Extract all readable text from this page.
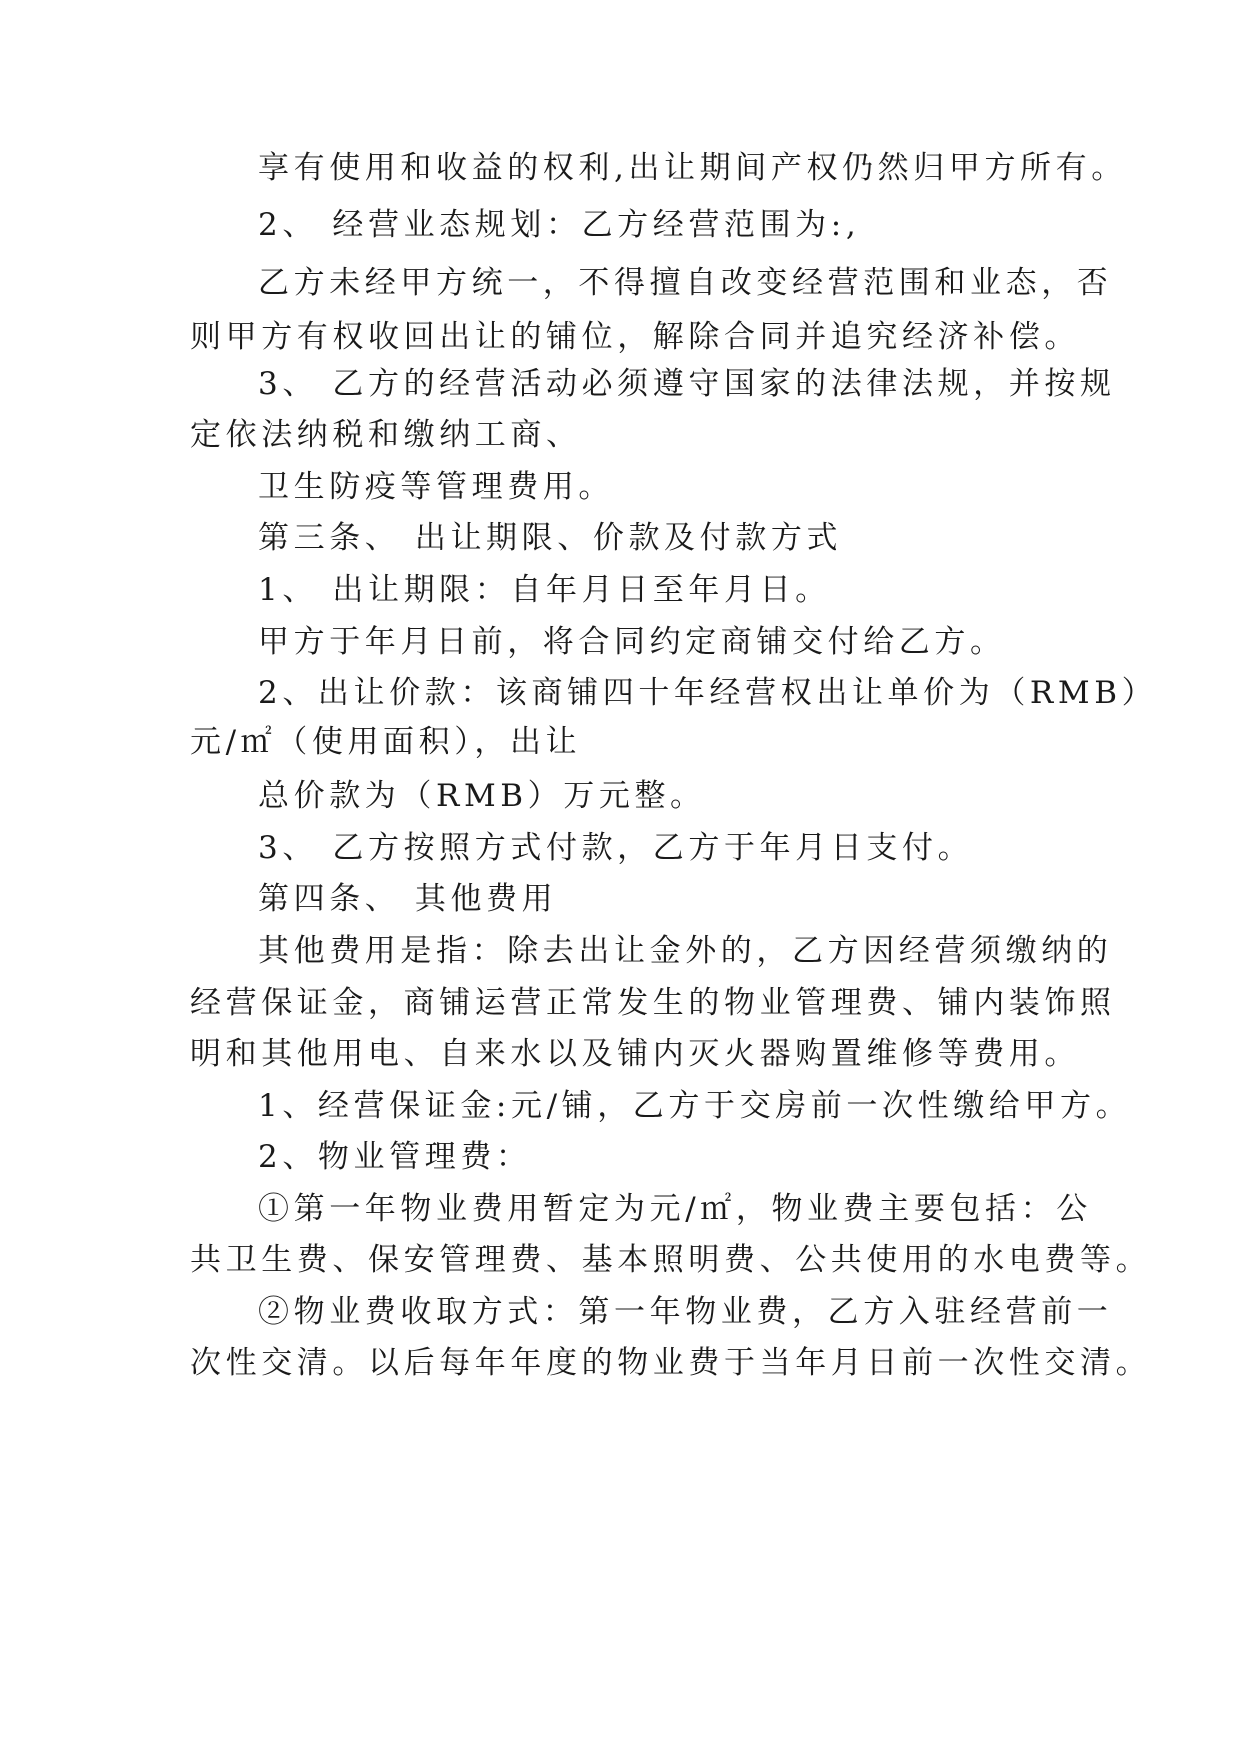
享有使用和收益的权利,出让期间产权仍然归甲方所有。
2、 经营业态规划：乙方经营范围为:,
乙方未经甲方统一，不得擅自改变经营范围和业态，否
则甲方有权收回出让的铺位，解除合同并追究经济补偿。
3、 乙方的经营活动必须遵守国家的法律法规，并按规
定依法纳税和缴纳工商、
卫生防疫等管理费用。
第三条、 出让期限、价款及付款方式
1、 出让期限：自年月日至年月日。
甲方于年月日前，将合同约定商铺交付给乙方。
2、出让价款：该商铺四十年经营权出让单价为（RMB）
元/㎡（使用面积），出让
总价款为（RMB）万元整。
3、 乙方按照方式付款，乙方于年月日支付。
第四条、 其他费用
其他费用是指：除去出让金外的，乙方因经营须缴纳的
经营保证金，商铺运营正常发生的物业管理费、铺内装饰照
明和其他用电、自来水以及铺内灭火器购置维修等费用。
1、经营保证金:元/铺，乙方于交房前一次性缴给甲方。
2、物业管理费：
①第一年物业费用暂定为元/㎡，物业费主要包括：公
共卫生费、保安管理费、基本照明费、公共使用的水电费等。
②物业费收取方式：第一年物业费，乙方入驻经营前一
次性交清。以后每年年度的物业费于当年月日前一次性交清。
